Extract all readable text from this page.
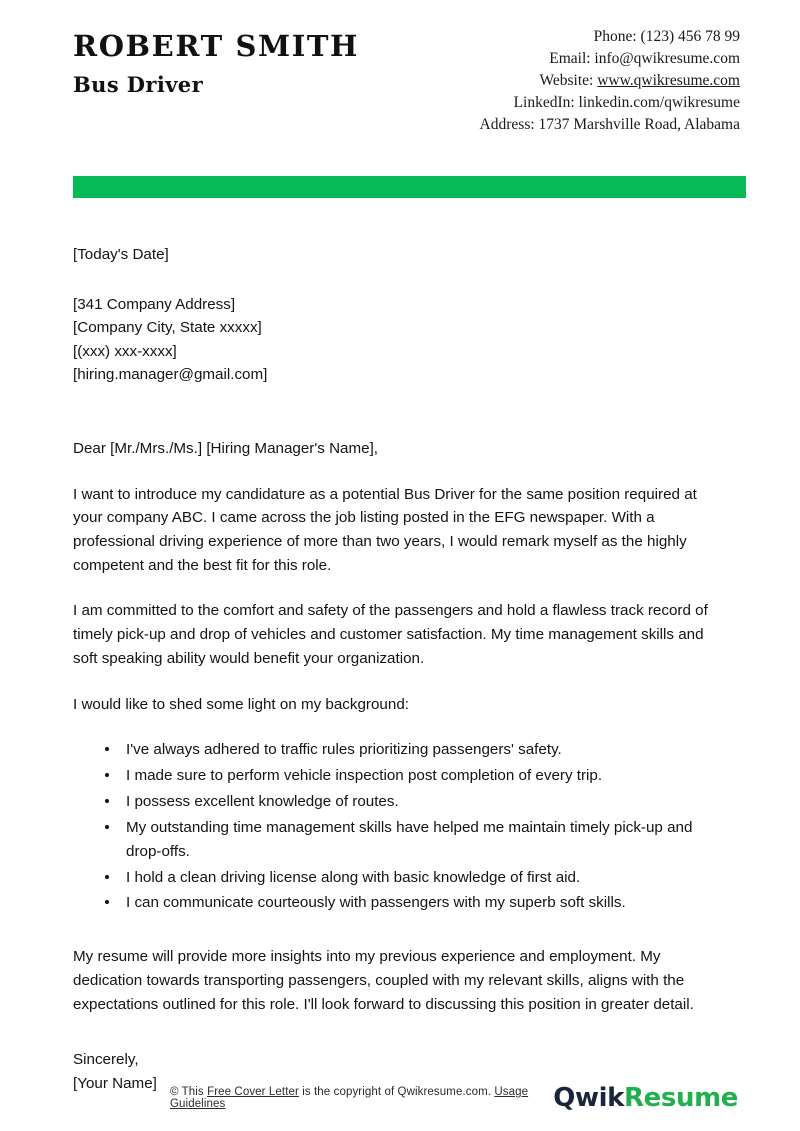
ROBERT SMITH
Bus Driver
Phone: (123) 456 78 99
Email: info@qwikresume.com
Website: www.qwikresume.com
LinkedIn: linkedin.com/qwikresume
Address: 1737 Marshville Road, Alabama
[Today's Date]
[341 Company Address]
[Company City, State xxxxx]
[(xxx) xxx-xxxx]
[hiring.manager@gmail.com]
Dear [Mr./Mrs./Ms.] [Hiring Manager's Name],
I want to introduce my candidature as a potential Bus Driver for the same position required at your company ABC. I came across the job listing posted in the EFG newspaper. With a professional driving experience of more than two years, I would remark myself as the highly competent and the best fit for this role.
I am committed to the comfort and safety of the passengers and hold a flawless track record of timely pick-up and drop of vehicles and customer satisfaction. My time management skills and soft speaking ability would benefit your organization.
I would like to shed some light on my background:
I've always adhered to traffic rules prioritizing passengers' safety.
I made sure to perform vehicle inspection post completion of every trip.
I possess excellent knowledge of routes.
My outstanding time management skills have helped me maintain timely pick-up and drop-offs.
I hold a clean driving license along with basic knowledge of first aid.
I can communicate courteously with passengers with my superb soft skills.
My resume will provide more insights into my previous experience and employment. My dedication towards transporting passengers, coupled with my relevant skills, aligns with the expectations outlined for this role. I'll look forward to discussing this position in greater detail.
Sincerely,
[Your Name]
© This Free Cover Letter is the copyright of Qwikresume.com. Usage Guidelines	QwikResume
